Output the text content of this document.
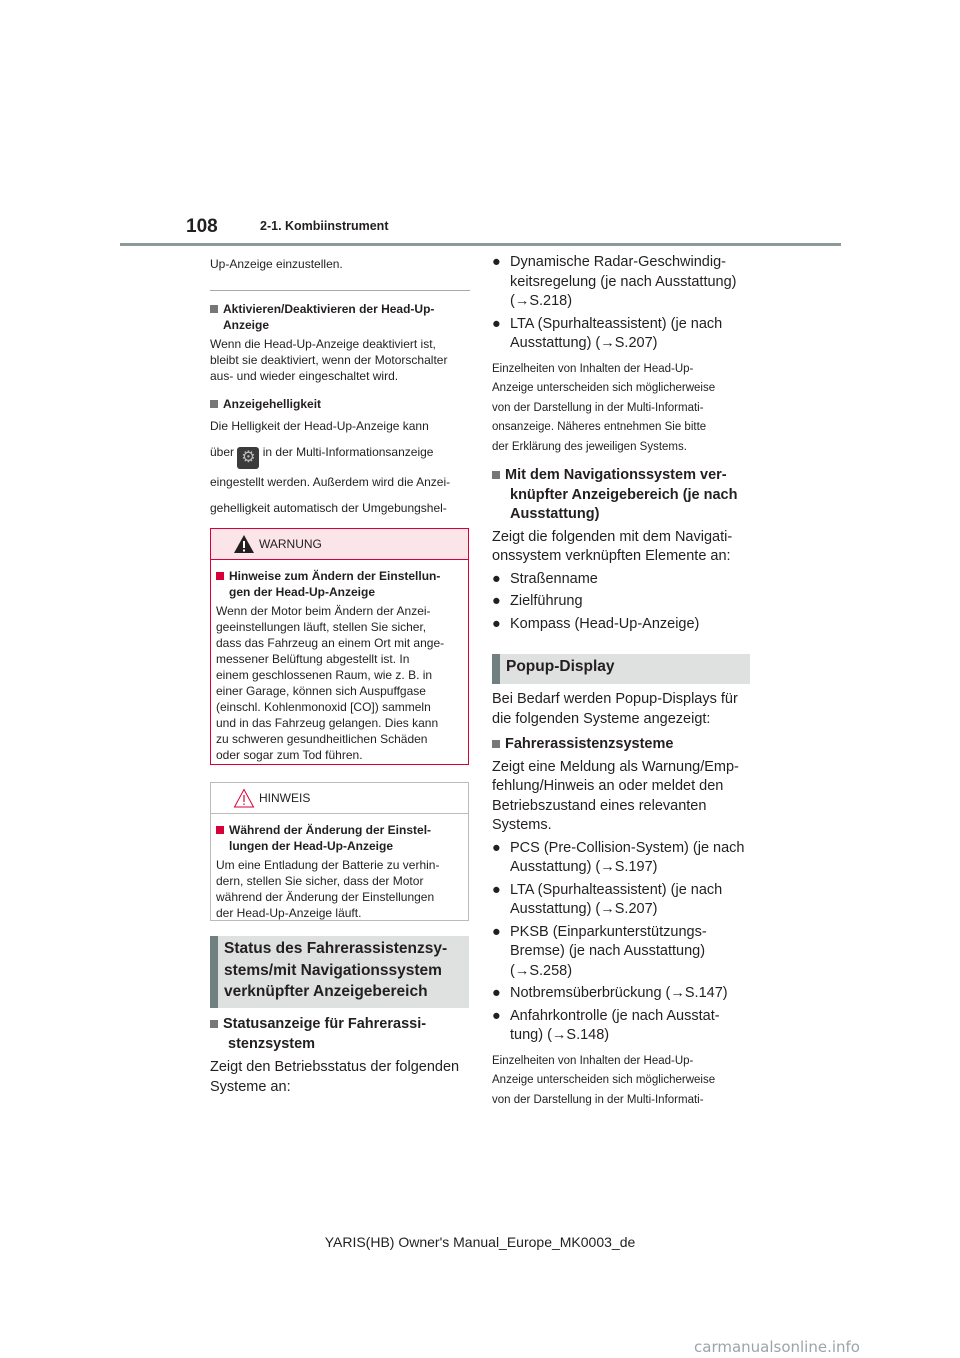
108	2-1. Kombiinstrument
Up-Anzeige einzustellen.
Aktivieren/Deaktivieren der Head-Up-
Anzeige
Wenn die Head-Up-Anzeige deaktiviert ist,
bleibt sie deaktiviert, wenn der Motorschalter
aus- und wieder eingeschaltet wird.
Anzeigehelligkeit
Die Helligkeit der Head-Up-Anzeige kann
über ⚙ in der Multi-Informationsanzeige
eingestellt werden. Außerdem wird die Anzei-
gehelligkeit automatisch der Umgebungshel-
WARNUNG
Hinweise zum Ändern der Einstellun-
gen der Head-Up-Anzeige
Wenn der Motor beim Ändern der Anzei-
geeinstellungen läuft, stellen Sie sicher,
dass das Fahrzeug an einem Ort mit ange-
messener Belüftung abgestellt ist. In
einem geschlossenen Raum, wie z. B. in
einer Garage, können sich Auspuffgase
(einschl. Kohlenmonoxid [CO]) sammeln
und in das Fahrzeug gelangen. Dies kann
zu schweren gesundheitlichen Schäden
oder sogar zum Tod führen.
HINWEIS
Während der Änderung der Einstel-
lungen der Head-Up-Anzeige
Um eine Entladung der Batterie zu verhin-
dern, stellen Sie sicher, dass der Motor
während der Änderung der Einstellungen
der Head-Up-Anzeige läuft.
Status des Fahrerassistenzsy-
stems/mit Navigationssystem
verknüpfter Anzeigebereich
Statusanzeige für Fahrerassi-
stenzsystem
Zeigt den Betriebsstatus der folgenden
Systeme an:
● Dynamische Radar-Geschwindig-
keitsregelung (je nach Ausstattung)
(→S.218)
● LTA (Spurhalteassistent) (je nach
Ausstattung) (→S.207)
Einzelheiten von Inhalten der Head-Up-
Anzeige unterscheiden sich möglicherweise
von der Darstellung in der Multi-Informati-
onsanzeige. Näheres entnehmen Sie bitte
der Erklärung des jeweiligen Systems.
Mit dem Navigationssystem ver-
knüpfter Anzeigebereich (je nach
Ausstattung)
Zeigt die folgenden mit dem Navigati-
onssystem verknüpften Elemente an:
● Straßenname
● Zielführung
● Kompass (Head-Up-Anzeige)
Popup-Display
Bei Bedarf werden Popup-Displays für
die folgenden Systeme angezeigt:
Fahrerassistenzsysteme
Zeigt eine Meldung als Warnung/Emp-
fehlung/Hinweis an oder meldet den
Betriebszustand eines relevanten
Systems.
● PCS (Pre-Collision-System) (je nach
Ausstattung) (→S.197)
● LTA (Spurhalteassistent) (je nach
Ausstattung) (→S.207)
● PKSB (Einparkunterstützungs-
Bremse) (je nach Ausstattung)
(→S.258)
● Notbremsüberbrückung (→S.147)
● Anfahrkontrolle (je nach Ausstat-
tung) (→S.148)
Einzelheiten von Inhalten der Head-Up-
Anzeige unterscheiden sich möglicherweise
von der Darstellung in der Multi-Informati-
YARIS(HB) Owner's Manual_Europe_MK0003_de
carmanualsonline.info
